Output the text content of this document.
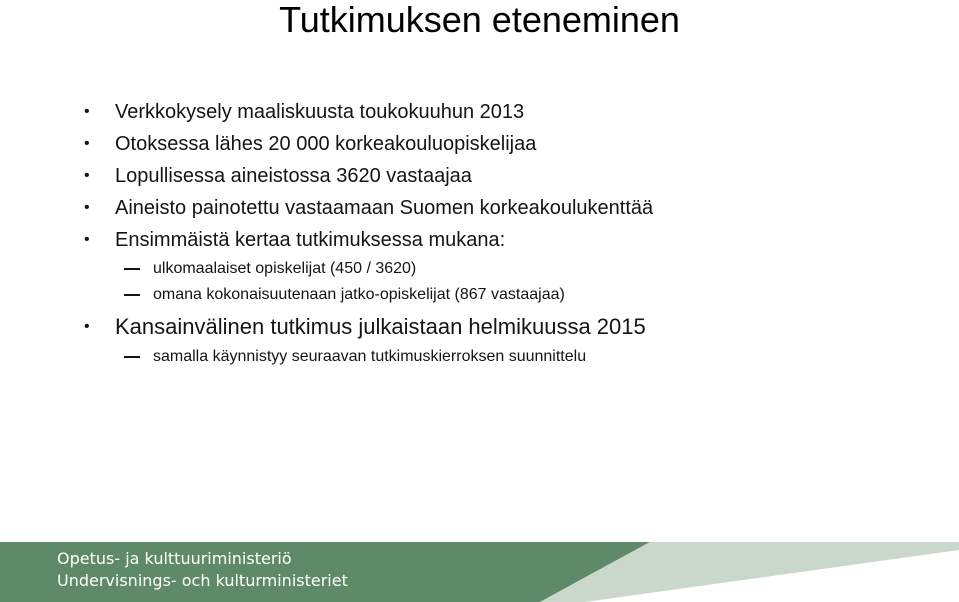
Tutkimuksen eteneminen
• Verkkokysely maaliskuusta toukokuuhun 2013
• Otoksessa lähes 20 000 korkeakouluopiskelijaa
• Lopullisessa aineistossa 3620 vastaajaa
• Aineisto painotettu vastaamaan Suomen korkeakoulukenttää
• Ensimmäistä kertaa tutkimuksessa mukana:
ulkomaalaiset opiskelijat (450 / 3620)
omana kokonaisuutenaan jatko-opiskelijat (867 vastaajaa)
• Kansainvälinen tutkimus julkaistaan helmikuussa 2015
samalla käynnistyy seuraavan tutkimuskierroksen suunnittelu
Opetus- ja kulttuuriministeriö
Undervisnings- och kulturministeriet
